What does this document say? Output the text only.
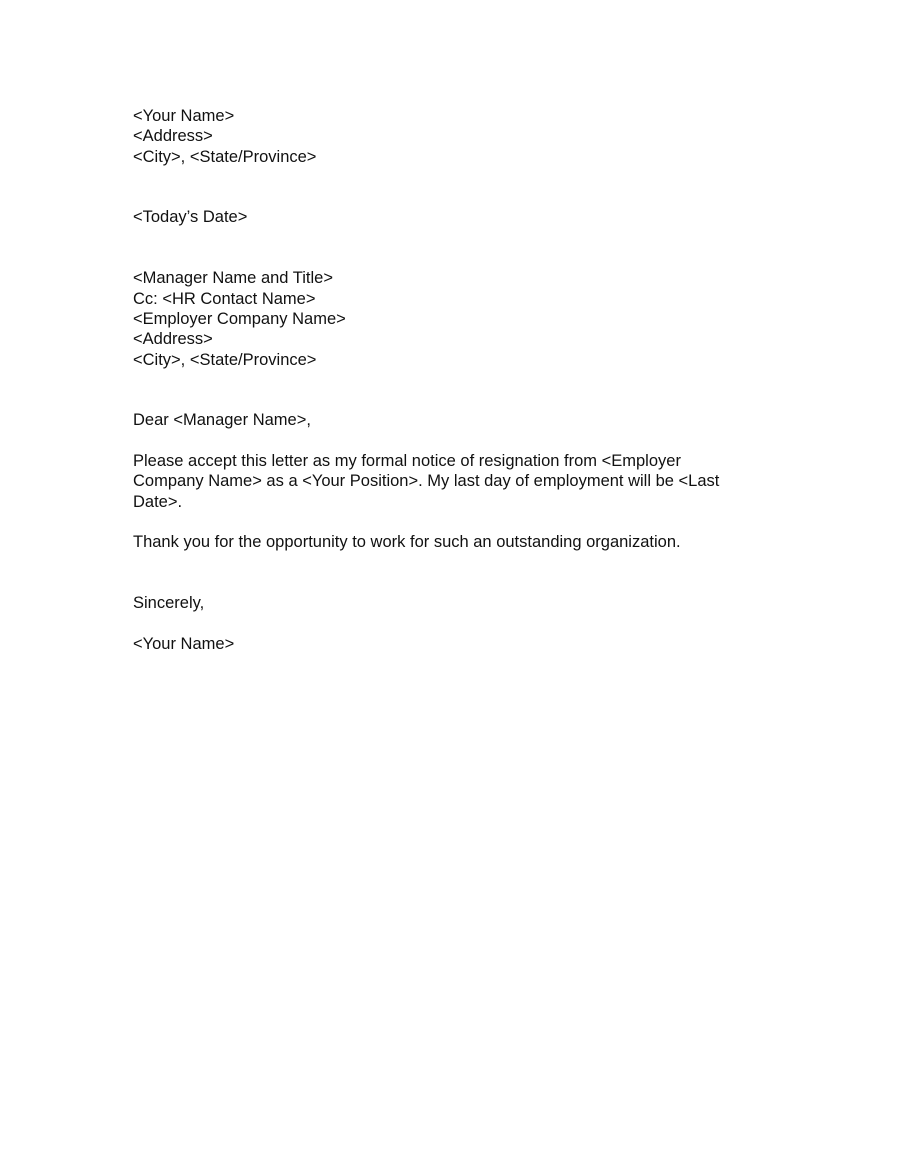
<Your Name>

<Address>

<City>, <State/Province>

<Today’s Date>

<Manager Name and Title>

Cc: <HR Contact Name>

<Employer Company Name>

<Address>

<City>, <State/Province>

Dear <Manager Name>,

Please accept this letter as my formal notice of resignation from <Employer

Company Name> as a <Your Position>. My last day of employment will be <Last

Date>.

Thank you for the opportunity to work for such an outstanding organization.

Sincerely,

<Your Name>
